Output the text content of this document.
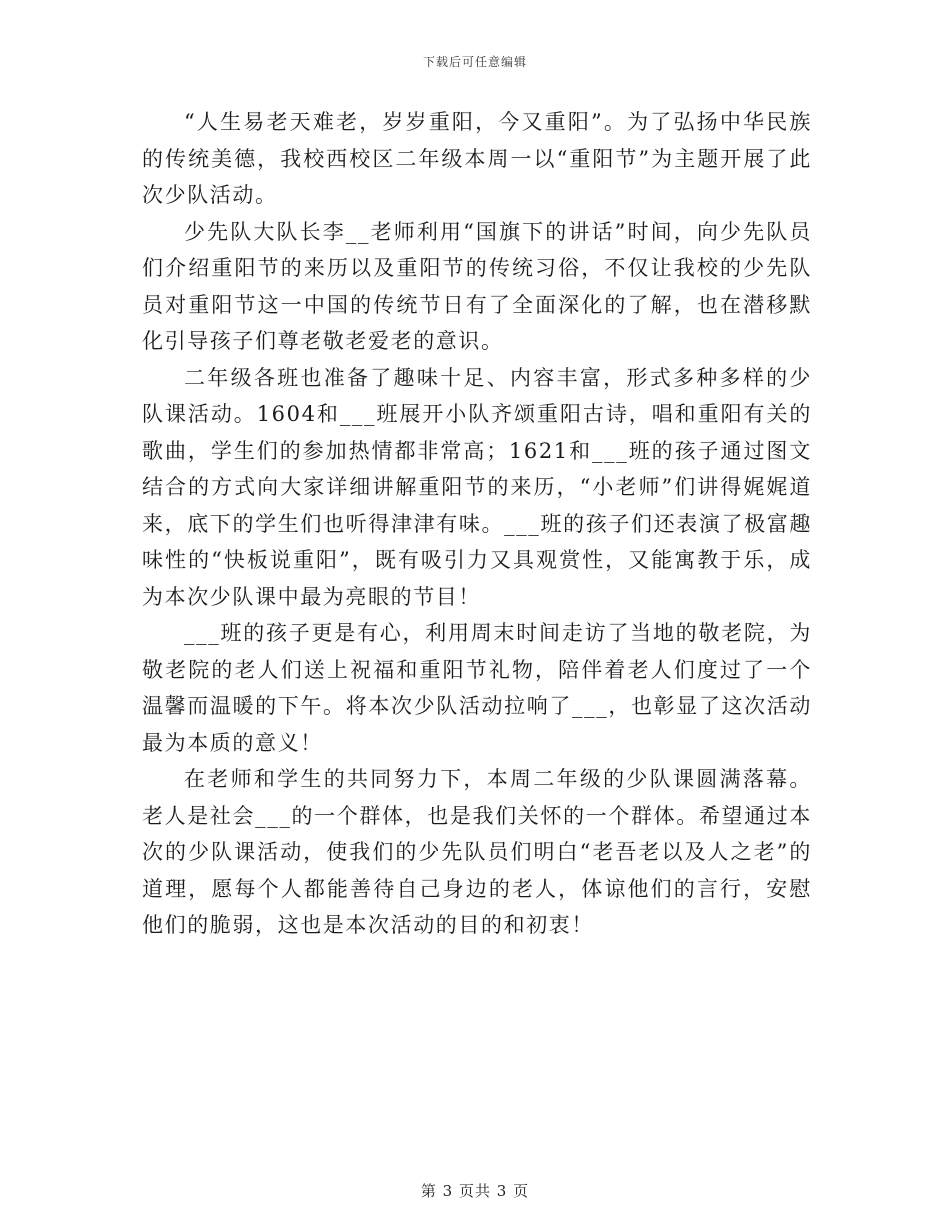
下载后可任意编辑

“人生易老天难老，岁岁重阳，今又重阳”。为了弘扬中华民族的传统美德，我校西校区二年级本周一以“重阳节”为主题开展了此次少队活动。

少先队大队长李__老师利用“国旗下的讲话”时间，向少先队员们介绍重阳节的来历以及重阳节的传统习俗，不仅让我校的少先队员对重阳节这一中国的传统节日有了全面深化的了解，也在潜移默化引导孩子们尊老敬老爱老的意识。

二年级各班也准备了趣味十足、内容丰富，形式多种多样的少队课活动。1604和___班展开小队齐颂重阳古诗，唱和重阳有关的歌曲，学生们的参加热情都非常高；1621和___班的孩子通过图文结合的方式向大家详细讲解重阳节的来历，“小老师”们讲得娓娓道来，底下的学生们也听得津津有味。___班的孩子们还表演了极富趣味性的“快板说重阳”，既有吸引力又具观赏性，又能寓教于乐，成为本次少队课中最为亮眼的节目！

___班的孩子更是有心，利用周末时间走访了当地的敬老院，为敬老院的老人们送上祝福和重阳节礼物，陪伴着老人们度过了一个温馨而温暖的下午。将本次少队活动拉响了___，也彰显了这次活动最为本质的意义！

在老师和学生的共同努力下，本周二年级的少队课圆满落幕。老人是社会___的一个群体，也是我们关怀的一个群体。希望通过本次的少队课活动，使我们的少先队员们明白“老吾老以及人之老”的道理，愿每个人都能善待自己身边的老人，体谅他们的言行，安慰他们的脆弱，这也是本次活动的目的和初衷！

第 3 页共 3 页
